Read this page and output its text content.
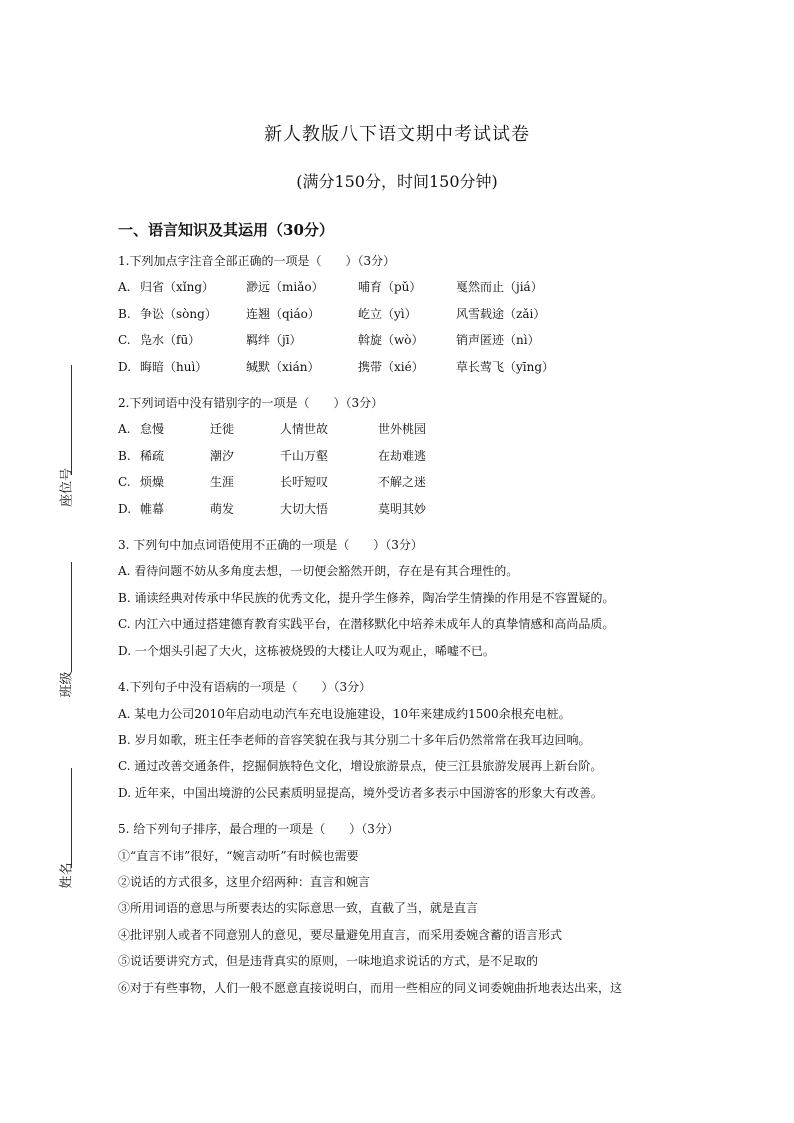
座位号
班级
姓名
新人教版八下语文期中考试试卷
(满分150分，时间150分钟)
一、语言知识及其运用（30分）
1.下列加点字注音全部正确的一项是（　　）（3分）
A. 归省（xǐng）	渺远（miǎo）	哺育（pǔ）	戛然而止（jiá）
B. 争讼（sòng）	连翘（qiáo）	屹立（yì）	风雪载途（zǎi）
C. 凫水（fū）	羁绊（jī）	斡旋（wò）	销声匿迹（nì）
D. 晦暗（huì）	缄默（xián）	携带（xié）	草长莺飞（yīng）
2.下列词语中没有错别字的一项是（　　）（3分）
A. 怠慢	迁徙	人情世故	世外桃园
B. 稀疏	潮汐	千山万壑	在劫难逃
C. 烦燥	生涯	长吁短叹	不解之迷
D. 帷幕	萌发	大切大悟	莫明其妙
3. 下列句中加点词语使用不正确的一项是（　　）（3分）
A. 看待问题不妨从多角度去想，一切便会豁然开朗，存在是有其合理性的。
B. 诵读经典对传承中华民族的优秀文化，提升学生修养，陶冶学生情操的作用是不容置疑的。
C. 内江六中通过搭建德育教育实践平台，在潜移默化中培养未成年人的真挚情感和高尚品质。
D. 一个烟头引起了大火，这栋被烧毁的大楼让人叹为观止，唏嘘不已。
4.下列句子中没有语病的一项是（　　）（3分）
A. 某电力公司2010年启动电动汽车充电设施建设，10年来建成约1500余根充电桩。
B. 岁月如歌，班主任李老师的音容笑貌在我与其分别二十多年后仍然常常在我耳边回响。
C. 通过改善交通条件，挖掘侗族特色文化，增设旅游景点，使三江县旅游发展再上新台阶。
D. 近年来，中国出境游的公民素质明显提高，境外受访者多表示中国游客的形象大有改善。
5. 给下列句子排序，最合理的一项是（　　）（3分）
①“直言不讳”很好，“婉言动听”有时候也需要
②说话的方式很多，这里介绍两种：直言和婉言
③所用词语的意思与所要表达的实际意思一致，直截了当，就是直言
④批评别人或者不同意别人的意见，要尽量避免用直言，而采用委婉含蓄的语言形式
⑤说话要讲究方式，但是违背真实的原则，一味地追求说话的方式，是不足取的
⑥对于有些事物，人们一般不愿意直接说明白，而用一些相应的同义词委婉曲折地表达出来，这
